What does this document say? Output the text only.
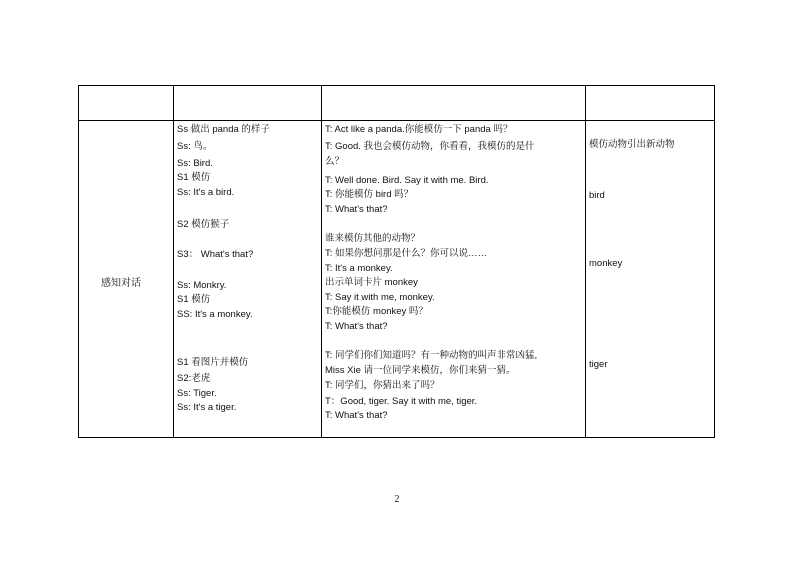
感知对话
Ss 做出 panda 的样子
Ss: 鸟。
Ss: Bird.
S1 模仿
Ss: It's a bird.
S2 模仿猴子
S3： What's that?
Ss: Monkry.
S1 模仿
SS: It's a monkey.
S1 看图片并模仿
S2:老虎
Ss: Tiger.
Ss: It's a tiger.
T: Act like a panda.你能模仿一下 panda 吗？
T: Good. 我也会模仿动物，你看看，我模仿的是什
么？
T: Well done. Bird. Say it with me. Bird.
T: 你能模仿 bird 吗？
T: What's that?
谁来模仿其他的动物？
T: 如果你想问那是什么？你可以说……
T: It's a monkey.
出示单词卡片 monkey
T: Say it with me, monkey.
T:你能模仿 monkey 吗？
T: What's that?
T: 同学们你们知道吗？有一种动物的叫声非常凶猛,
Miss Xie 请一位同学来模仿，你们来猜一猜。
T: 同学们，你猜出来了吗？
T：Good, tiger. Say it with me, tiger.
T: What's that?
模仿动物引出新动物
bird
monkey
tiger
2
